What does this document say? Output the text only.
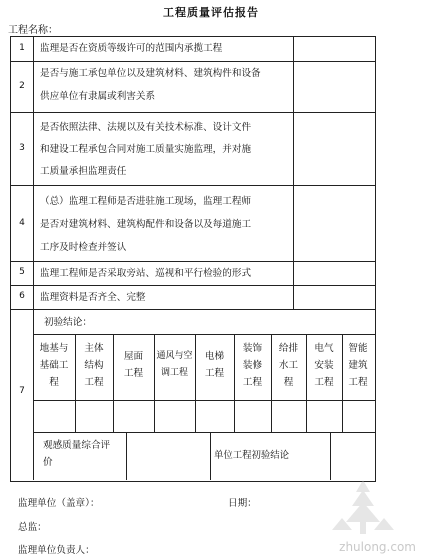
工程质量评估报告
工程名称：
1
2
3
4
5
6
7
监理是否在资质等级许可的范围内承揽工程
是否与施工承包单位以及建筑材料、建筑构件和设备
供应单位有隶属或利害关系
是否依照法律、法规以及有关技术标准、设计文件
和建设工程承包合同对施工质量实施监理，并对施
工质量承担监理责任
（总）监理工程师是否进驻施工现场，监理工程师
是否对建筑材料、建筑构配件和设备以及每道施工
工序及时检查并签认
监理工程师是否采取旁站、巡视和平行检验的形式
监理资料是否齐全、完整
初验结论：
地基与
基础工
程
主体
结构
工程
屋面
工程
通风与空
调工程
电梯
工程
装饰
装修
工程
给排
水工
程
电气
安装
工程
智能
建筑
工程
观感质量综合评
价
单位工程初验结论
监理单位（盖章）：	日期：
总监：
监理单位负责人：	zhulong.com
